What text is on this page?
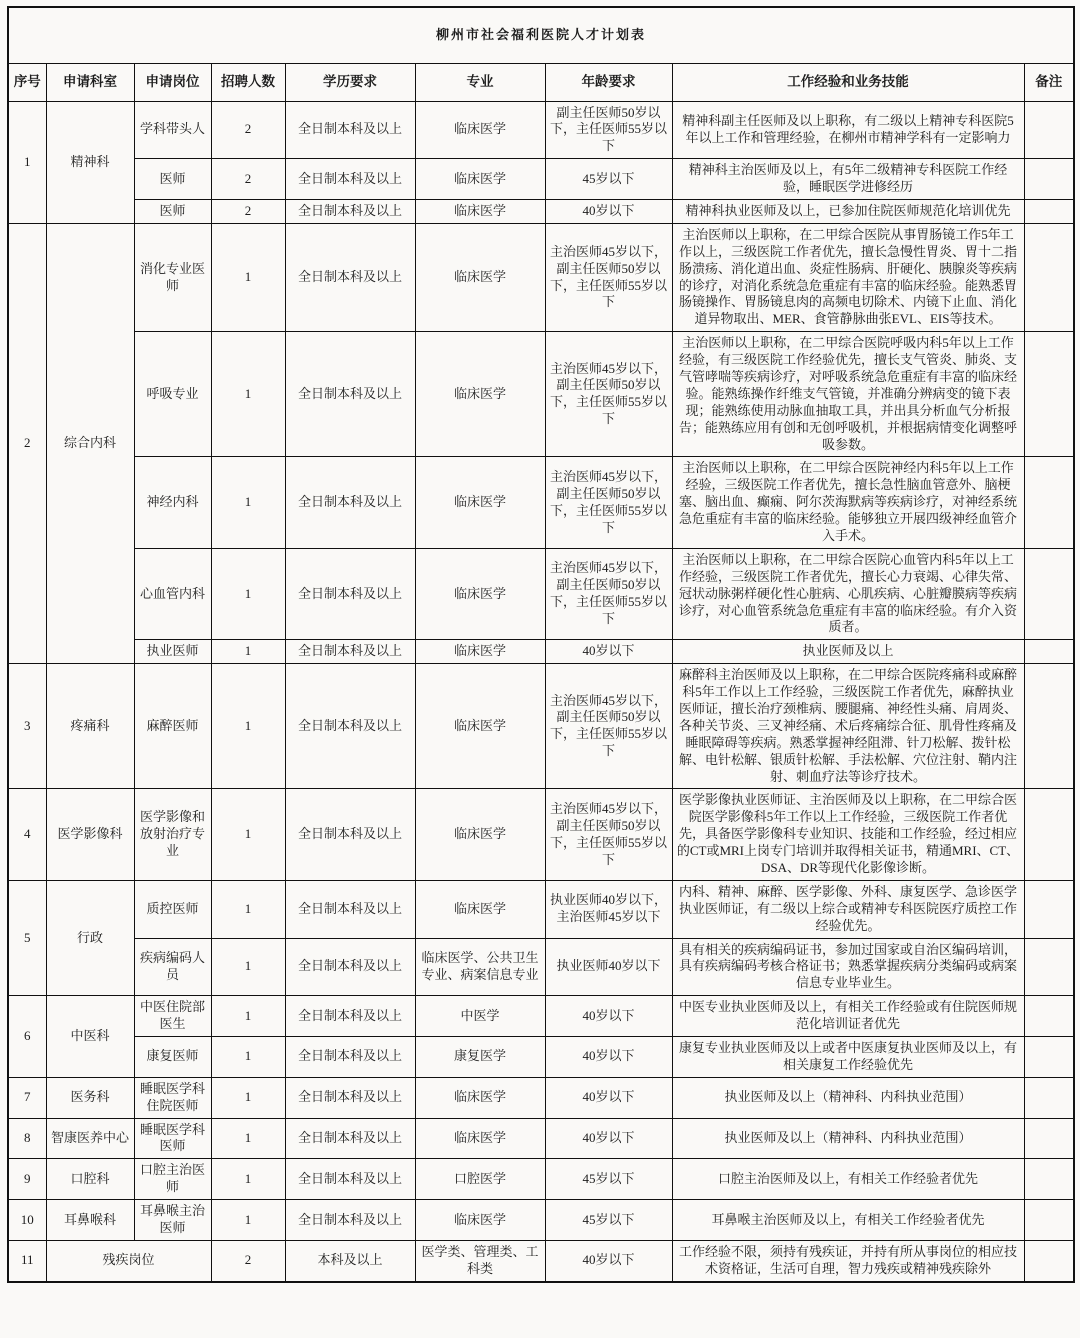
柳州市社会福利医院人才计划表								
序号	申请科室	申请岗位	招聘人数	学历要求	专业	年龄要求	工作经验和业务技能	备注
1	精神科	学科带头人	2	全日制本科及以上	临床医学	副主任医师50岁以下，主任医师55岁以下	精神科副主任医师及以上职称，有二级以上精神专科医院5年以上工作和管理经验，在柳州市精神学科有一定影响力	
		医师	2	全日制本科及以上	临床医学	45岁以下	精神科主治医师及以上，有5年二级精神专科医院工作经验，睡眠医学进修经历	
		医师	2	全日制本科及以上	临床医学	40岁以下	精神科执业医师及以上，已参加住院医师规范化培训优先	
2	综合内科	消化专业医师	1	全日制本科及以上	临床医学	主治医师45岁以下，副主任医师50岁以下，主任医师55岁以下	主治医师以上职称，在二甲综合医院从事胃肠镜工作5年工作以上，三级医院工作者优先，擅长急慢性胃炎、胃十二指肠溃疡、消化道出血、炎症性肠病、肝硬化、胰腺炎等疾病的诊疗，对消化系统急危重症有丰富的临床经验。能熟悉胃肠镜操作、胃肠镜息肉的高频电切除术、内镜下止血、消化道异物取出、MER、食管静脉曲张EVL、EIS等技术。	
		呼吸专业	1	全日制本科及以上	临床医学	主治医师45岁以下，副主任医师50岁以下，主任医师55岁以下	主治医师以上职称，在二甲综合医院呼吸内科5年以上工作经验，有三级医院工作经验优先，擅长支气管炎、肺炎、支气管哮喘等疾病诊疗，对呼吸系统急危重症有丰富的临床经验。能熟练操作纤维支气管镜，并准确分辨病变的镜下表现；能熟练使用动脉血抽取工具，并出具分析血气分析报告；能熟练应用有创和无创呼吸机，并根据病情变化调整呼吸参数。	
		神经内科	1	全日制本科及以上	临床医学	主治医师45岁以下，副主任医师50岁以下，主任医师55岁以下	主治医师以上职称，在二甲综合医院神经内科5年以上工作经验，三级医院工作者优先，擅长急性脑血管意外、脑梗塞、脑出血、癫痫、阿尔茨海默病等疾病诊疗，对神经系统急危重症有丰富的临床经验。能够独立开展四级神经血管介入手术。	
		心血管内科	1	全日制本科及以上	临床医学	主治医师45岁以下，副主任医师50岁以下，主任医师55岁以下	主治医师以上职称，在二甲综合医院心血管内科5年以上工作经验，三级医院工作者优先，擅长心力衰竭、心律失常、冠状动脉粥样硬化性心脏病、心肌疾病、心脏瓣膜病等疾病诊疗，对心血管系统急危重症有丰富的临床经验。有介入资质者。	
		执业医师	1	全日制本科及以上	临床医学	40岁以下	执业医师及以上	
3	疼痛科	麻醉医师	1	全日制本科及以上	临床医学	主治医师45岁以下，副主任医师50岁以下，主任医师55岁以下	麻醉科主治医师及以上职称，在二甲综合医院疼痛科或麻醉科5年工作以上工作经验，三级医院工作者优先，麻醉执业医师证，擅长治疗颈椎病、腰腿痛、神经性头痛、肩周炎、各种关节炎、三叉神经痛、术后疼痛综合征、肌骨性疼痛及睡眠障碍等疾病。熟悉掌握神经阻滞、针刀松解、拨针松解、电针松解、银质针松解、手法松解、穴位注射、鞘内注射、刺血疗法等诊疗技术。	
4	医学影像科	医学影像和放射治疗专业	1	全日制本科及以上	临床医学	主治医师45岁以下，副主任医师50岁以下，主任医师55岁以下	医学影像执业医师证、主治医师及以上职称，在二甲综合医院医学影像科5年工作以上工作经验，三级医院工作者优先，具备医学影像科专业知识、技能和工作经验，经过相应的CT或MRI上岗专门培训并取得相关证书，精通MRI、CT、DSA、DR等现代化影像诊断。	
5	行政	质控医师	1	全日制本科及以上	临床医学	执业医师40岁以下，主治医师45岁以下	内科、精神、麻醉、医学影像、外科、康复医学、急诊医学执业医师证，有二级以上综合或精神专科医院医疗质控工作经验优先。	
		疾病编码人员	1	全日制本科及以上	临床医学、公共卫生专业、病案信息专业	执业医师40岁以下	具有相关的疾病编码证书，参加过国家或自治区编码培训，具有疾病编码考核合格证书；熟悉掌握疾病分类编码或病案信息专业毕业生。	
6	中医科	中医住院部医生	1	全日制本科及以上	中医学	40岁以下	中医专业执业医师及以上，有相关工作经验或有住院医师规范化培训证者优先	
		康复医师	1	全日制本科及以上	康复医学	40岁以下	康复专业执业医师及以上或者中医康复执业医师及以上，有相关康复工作经验优先	
7	医务科	睡眠医学科住院医师	1	全日制本科及以上	临床医学	40岁以下	执业医师及以上（精神科、内科执业范围）	
8	智康医养中心	睡眠医学科医师	1	全日制本科及以上	临床医学	40岁以下	执业医师及以上（精神科、内科执业范围）	
9	口腔科	口腔主治医师	1	全日制本科及以上	口腔医学	45岁以下	口腔主治医师及以上，有相关工作经验者优先	
10	耳鼻喉科	耳鼻喉主治医师	1	全日制本科及以上	临床医学	45岁以下	耳鼻喉主治医师及以上，有相关工作经验者优先	
11	残疾岗位		2	本科及以上	医学类、管理类、工科类	40岁以下	工作经验不限，须持有残疾证，并持有所从事岗位的相应技术资格证，生活可自理，智力残疾或精神残疾除外	
